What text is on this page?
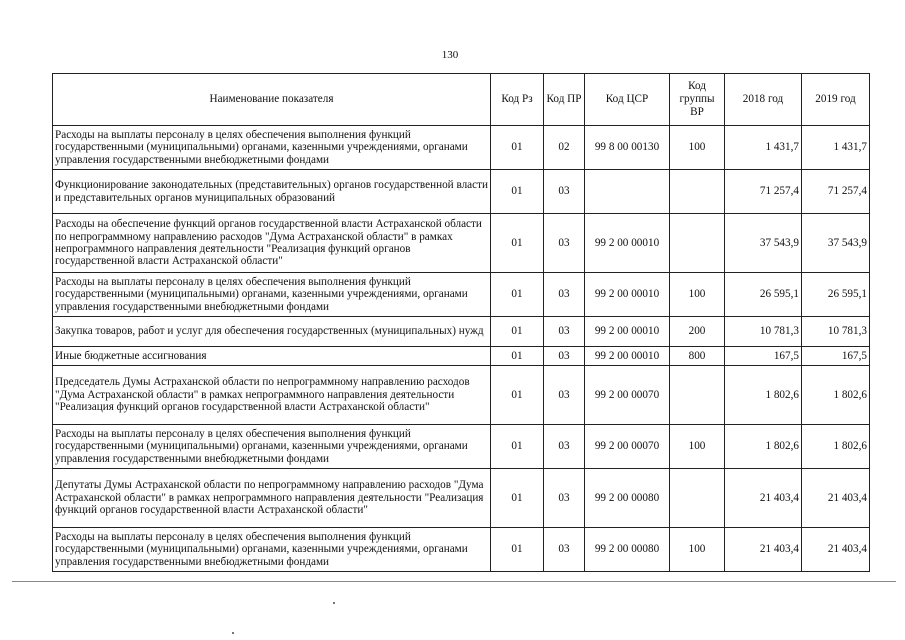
130
Наименование показателя	Код Рз	Код ПР	Код ЦСР	Код группы ВР	2018 год	2019 год
Расходы на выплаты персоналу в целях обеспечения выполнения функций государственными (муниципальными) органами, казенными учреждениями, органами управления государственными внебюджетными фондами	01	02	99 8 00 00130	100	1 431,7	1 431,7
Функционирование законодательных (представительных) органов государственной власти и представительных органов муниципальных образований	01	03			71 257,4	71 257,4
Расходы на обеспечение функций органов государственной власти Астраханской области по непрограммному направлению расходов "Дума Астраханской области" в рамках непрограммного направления деятельности "Реализация функций органов государственной власти Астраханской области"	01	03	99 2 00 00010		37 543,9	37 543,9
Расходы на выплаты персоналу в целях обеспечения выполнения функций государственными (муниципальными) органами, казенными учреждениями, органами управления государственными внебюджетными фондами	01	03	99 2 00 00010	100	26 595,1	26 595,1
Закупка товаров, работ и услуг для обеспечения государственных (муниципальных) нужд	01	03	99 2 00 00010	200	10 781,3	10 781,3
Иные бюджетные ассигнования	01	03	99 2 00 00010	800	167,5	167,5
Председатель Думы Астраханской области по непрограммному направлению расходов "Дума Астраханской области" в рамках непрограммного направления деятельности "Реализация функций органов государственной власти Астраханской области"	01	03	99 2 00 00070		1 802,6	1 802,6
Расходы на выплаты персоналу в целях обеспечения выполнения функций государственными (муниципальными) органами, казенными учреждениями, органами управления государственными внебюджетными фондами	01	03	99 2 00 00070	100	1 802,6	1 802,6
Депутаты Думы Астраханской области по непрограммному направлению расходов "Дума Астраханской области" в рамках непрограммного направления деятельности "Реализация функций органов государственной власти Астраханской области"	01	03	99 2 00 00080		21 403,4	21 403,4
Расходы на выплаты персоналу в целях обеспечения выполнения функций государственными (муниципальными) органами, казенными учреждениями, органами управления государственными внебюджетными фондами	01	03	99 2 00 00080	100	21 403,4	21 403,4
